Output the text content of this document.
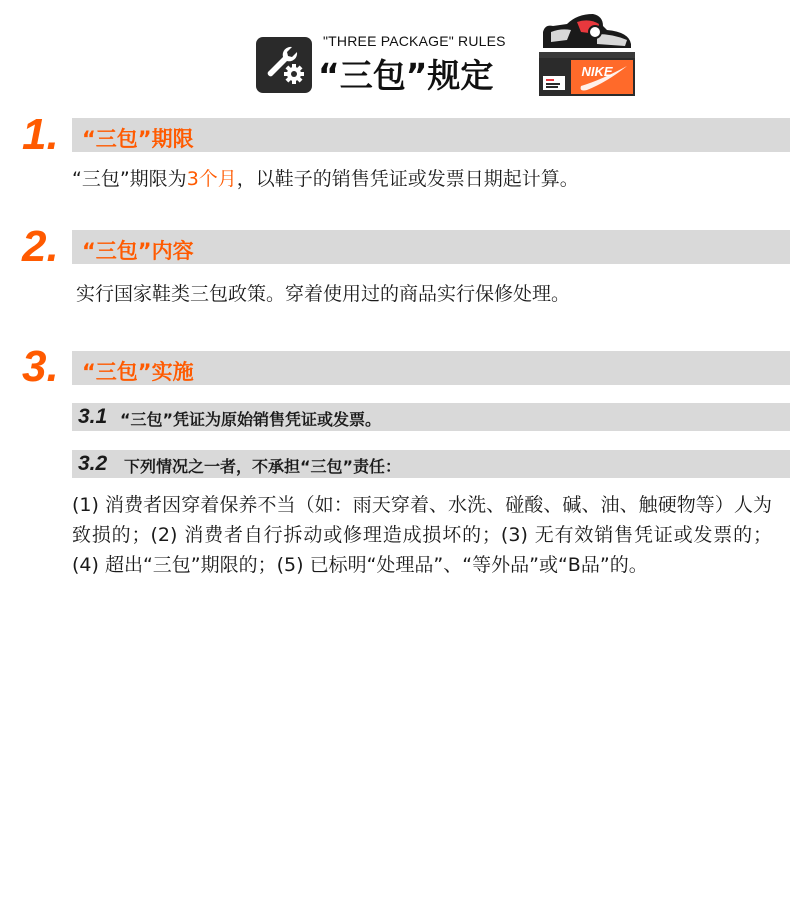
"THREE PACKAGE" RULES
“三包”规定	NIKE
1. “三包”期限
“三包”期限为3个月，以鞋子的销售凭证或发票日期起计算。
2. “三包”内容
实行国家鞋类三包政策。穿着使用过的商品实行保修处理。
3. “三包”实施
3.1 “三包”凭证为原始销售凭证或发票。
3.2 下列情况之一者，不承担“三包”责任：
(1) 消费者因穿着保养不当（如：雨天穿着、水洗、碰酸、碱、油、触硬物等）人为致损的；(2) 消费者自行拆动或修理造成损坏的；(3) 无有效销售凭证或发票的；(4) 超出“三包”期限的；(5) 已标明“处理品”、“等外品”或“B品”的。
